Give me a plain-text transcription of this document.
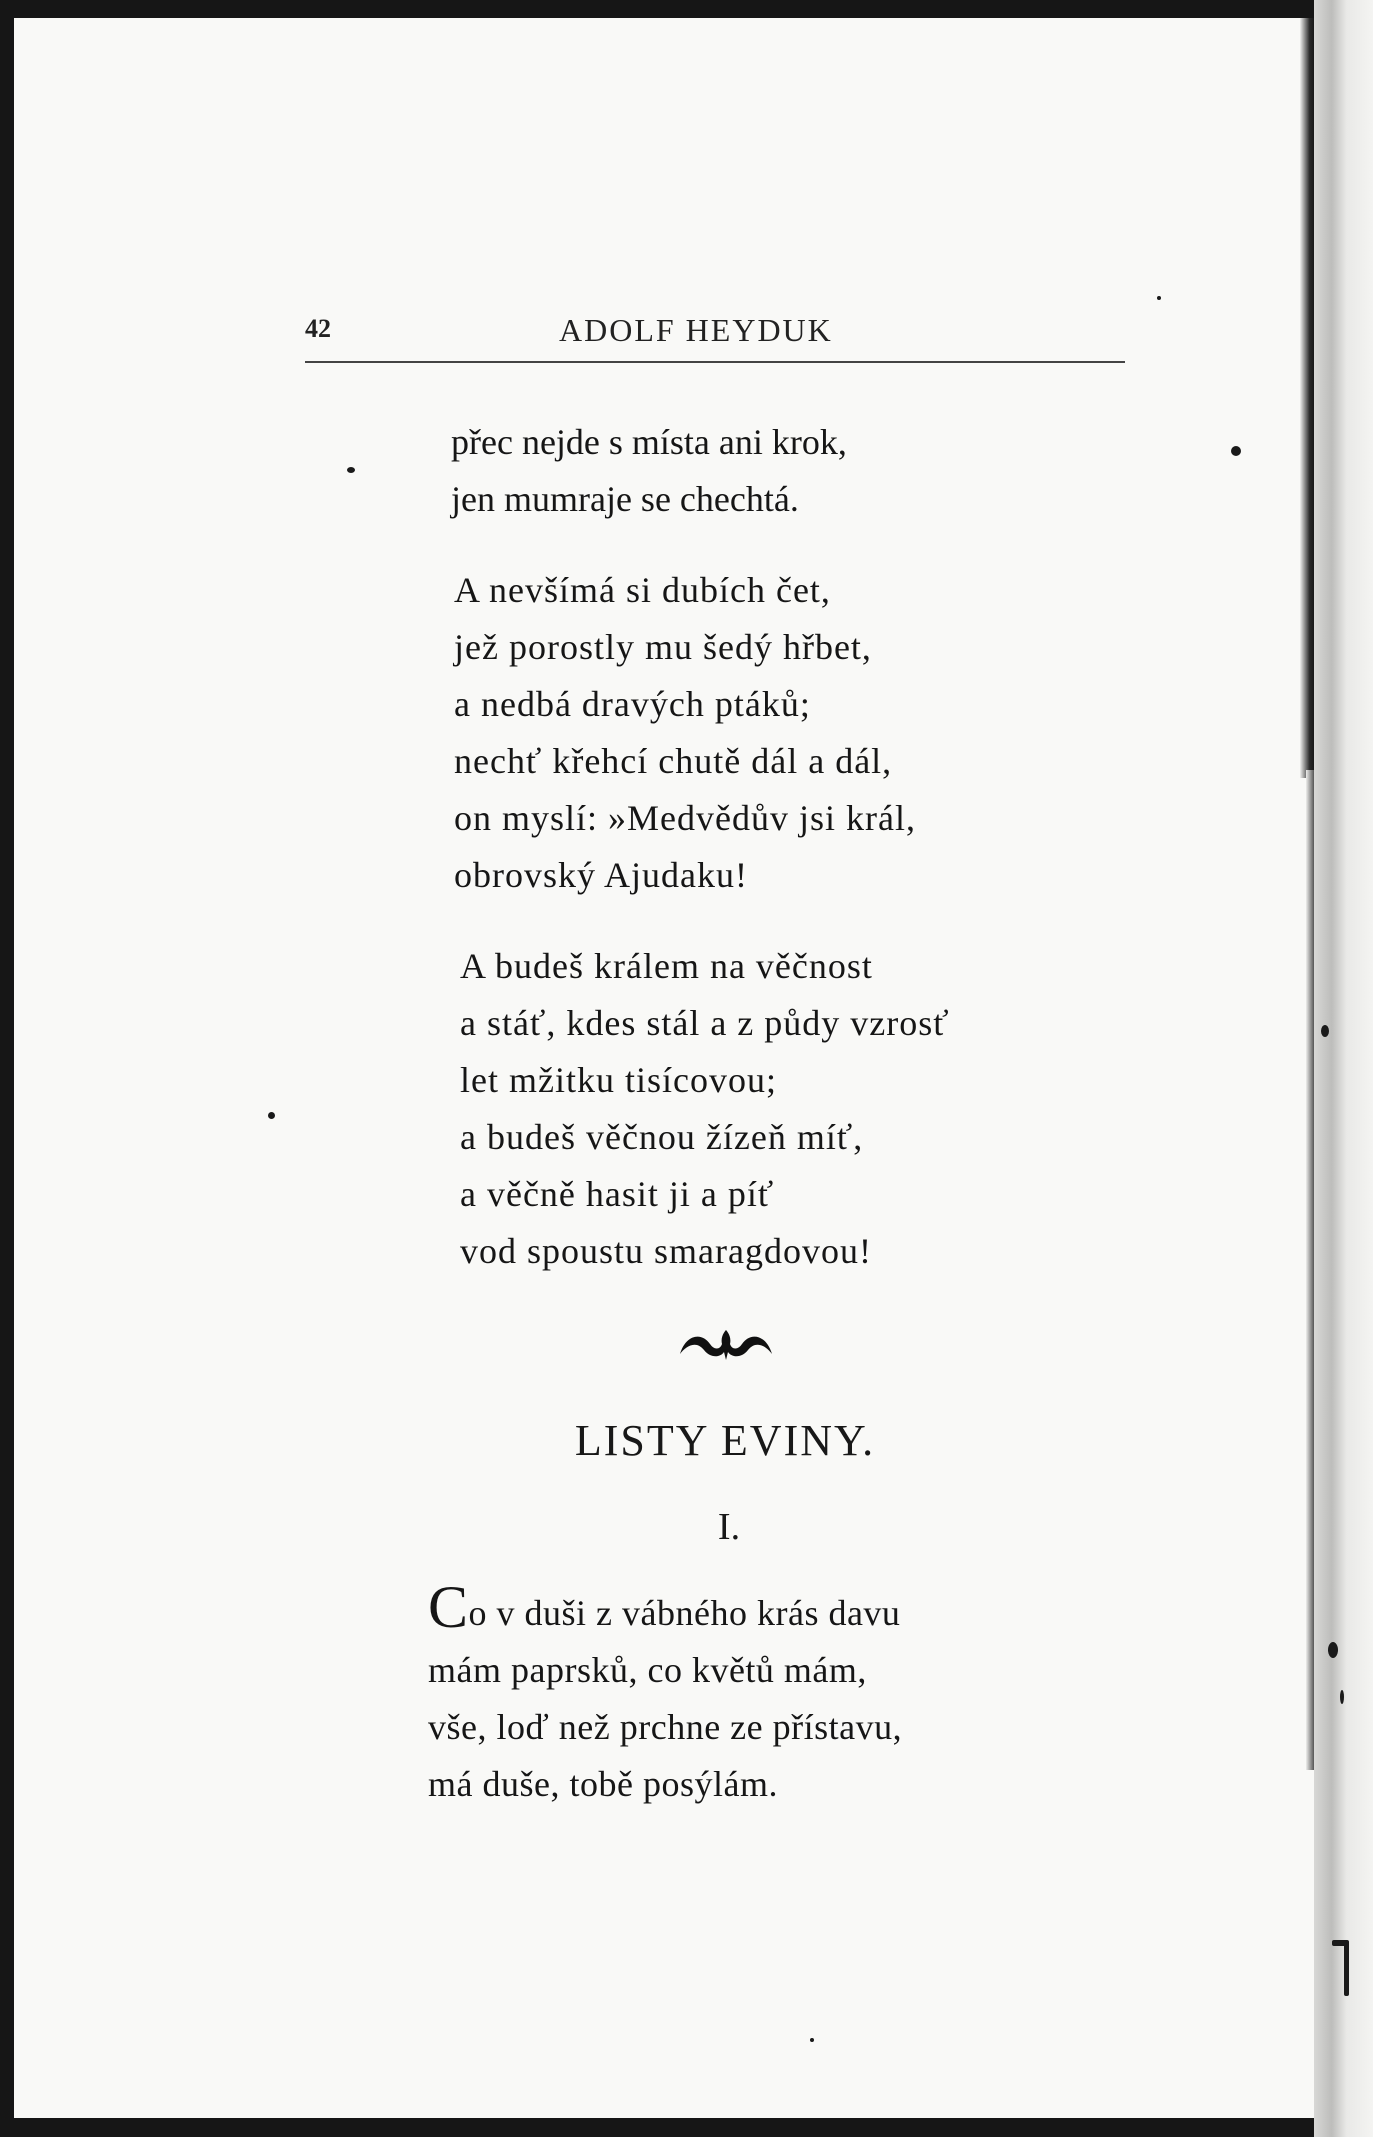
42	ADOLF HEYDUK

přec nejde s místa ani krok,
jen mumraje se chechtá.

A nevšímá si dubích čet,
jež porostly mu šedý hřbet,
a nedbá dravých ptáků;
nechť křehcí chutě dál a dál,
on myslí: »Medvědův jsi král,
obrovský Ajudaku!

A budeš králem na věčnost
a stáť, kdes stál a z půdy vzrosť
let mžitku tisícovou;
a budeš věčnou žízeň míť,
a věčně hasit ji a píť
vod spoustu smaragdovou!

LISTY EVINY.
I.

Co v duši z vábného krás davu
mám paprsků, co květů mám,
vše, loď než prchne ze přístavu,
má duše, tobě posýlám.
